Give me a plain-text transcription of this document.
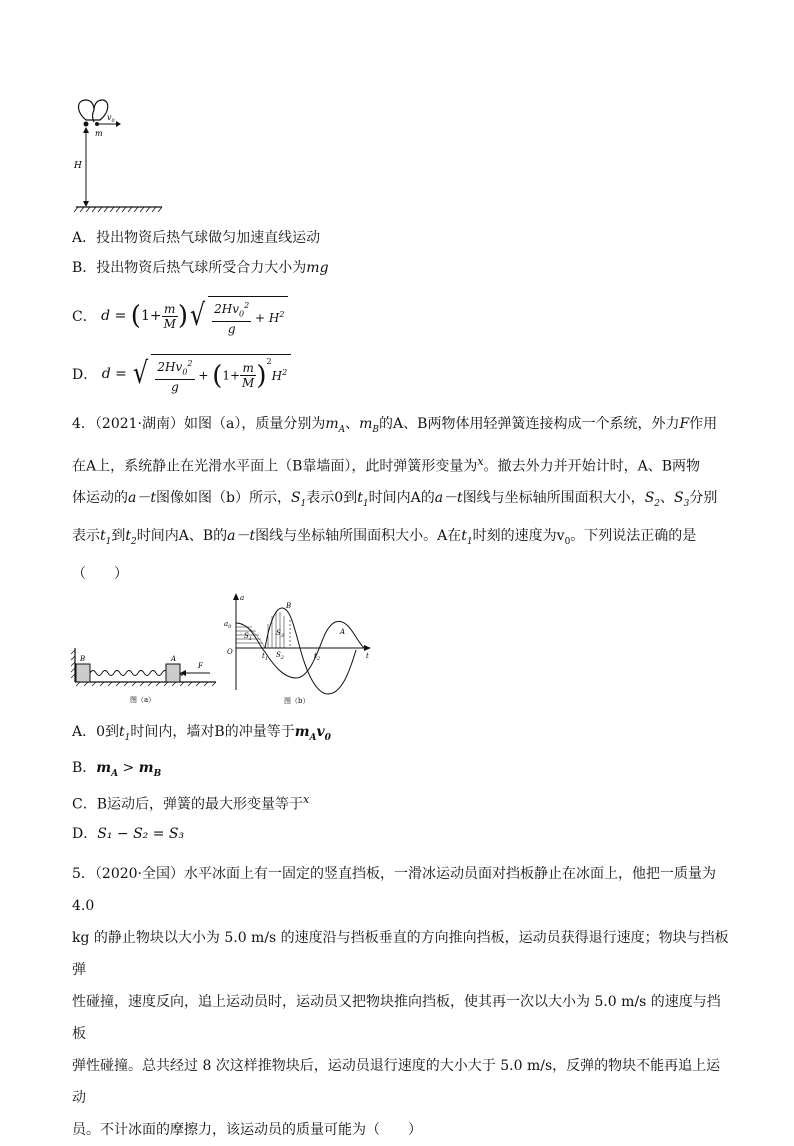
$v_0$
m
H
A．投出物资后热气球做匀加速直线运动
B．投出物资后热气球所受合力大小为mg
C． $d = (1+ \frac{m}{M}$ )√ $\frac{2Hv_0^2}{g} + H^2$
D． d = √ $\frac{2Hv_0^2}{g} + (1+ \frac{m}{M} )^2H^2$

4．（2021·湖南）如图（a），质量分别为$m_A$、$m_B$的A、B两物体用轻弹簧连接构成一个系统，外力F作用

在A上，系统静止在光滑水平面上（B靠墙面），此时弹簧形变量为$^x$。撤去外力并开始计时，A、B两物

体运动的a－t图像如图（b）所示，$S_1$表示0到$t_1$时间内A的a－t图线与坐标轴所围面积大小，$S_2$、$S_3$分别

表示$t_1$到$t_2$时间内A、B的a－t图线与坐标轴所围面积大小。A在$t_1$时刻的速度为$v_0$。下列说法正确的是

（　　）

B	A
F
图（a）
a
t
O
$a_0$
B
A
$S_1$
$S_3$
$S_2$
$t_1$	$t_2$
图（b）
A．0到$t_1$时间内，墙对B的冲量等于$m_Av_0$
B．$m_A > m_B$
C．B运动后，弹簧的最大形变量等于$^x$
D．S₁ − S₂ = S₃

5．（2020·全国）水平冰面上有一固定的竖直挡板，一滑冰运动员面对挡板静止在冰面上，他把一质量为 4.0

kg 的静止物块以大小为 5.0 m/s 的速度沿与挡板垂直的方向推向挡板，运动员获得退行速度；物块与挡板弹

性碰撞，速度反向，追上运动员时，运动员又把物块推向挡板，使其再一次以大小为 5.0 m/s 的速度与挡板

弹性碰撞。总共经过 8 次这样推物块后，运动员退行速度的大小大于 5.0 m/s，反弹的物块不能再追上运动

员。不计冰面的摩擦力，该运动员的质量可能为（　　）
